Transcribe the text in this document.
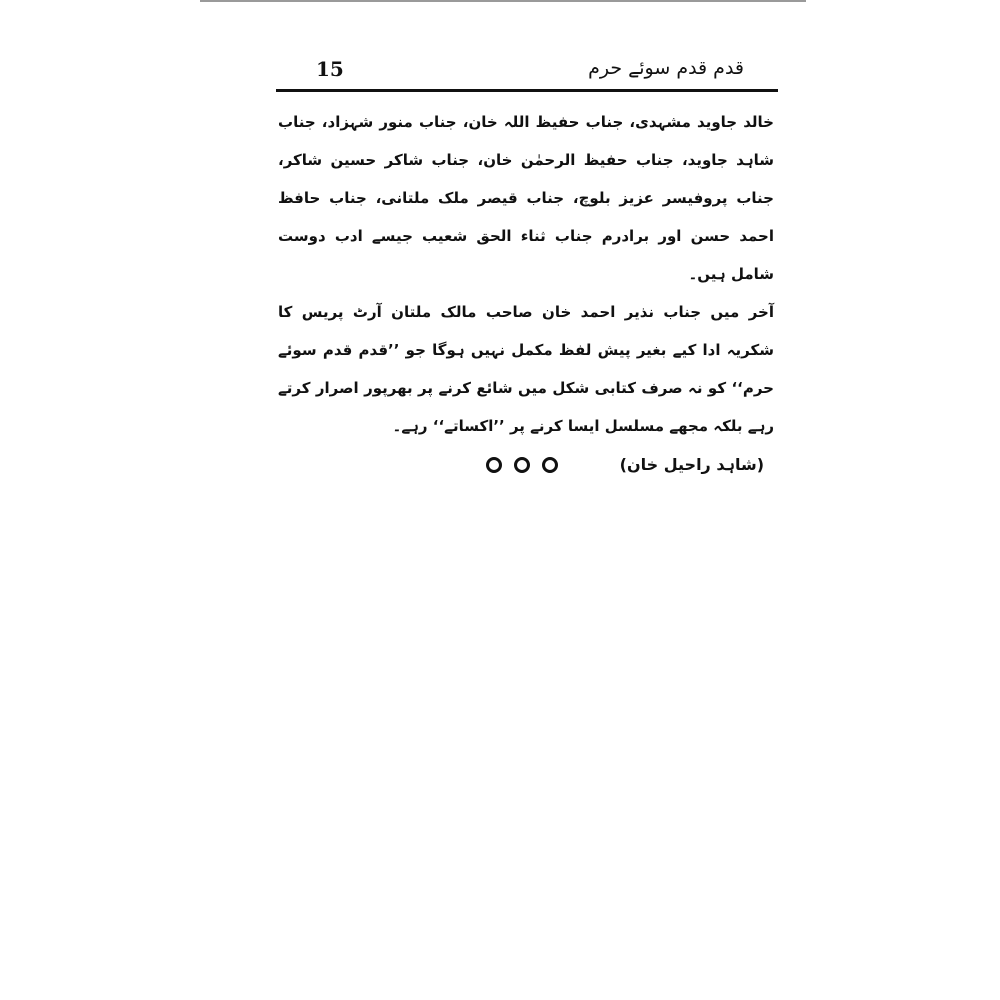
15	قدم قدم سوئے حرم

خالد جاوید مشہدی، جناب حفیظ اللہ خان، جناب منور شہزاد، جناب شاہد جاوید، جناب حفیظ الرحمٰن خان، جناب شاکر حسین شاکر، جناب پروفیسر عزیز بلوچ، جناب قیصر ملک ملتانی، جناب حافظ احمد حسن اور برادرم جناب ثناء الحق شعیب جیسے ادب دوست شامل ہیں۔

آخر میں جناب نذیر احمد خان صاحب مالک ملتان آرٹ پریس کا شکریہ ادا کیے بغیر پیش لفظ مکمل نہیں ہوگا جو ’’قدم قدم سوئے حرم‘‘ کو نہ صرف کتابی شکل میں شائع کرنے پر بھرپور اصرار کرتے رہے بلکہ مجھے مسلسل ایسا کرنے پر ’’اکساتے‘‘ رہے۔

(شاہد راحیل خان)
